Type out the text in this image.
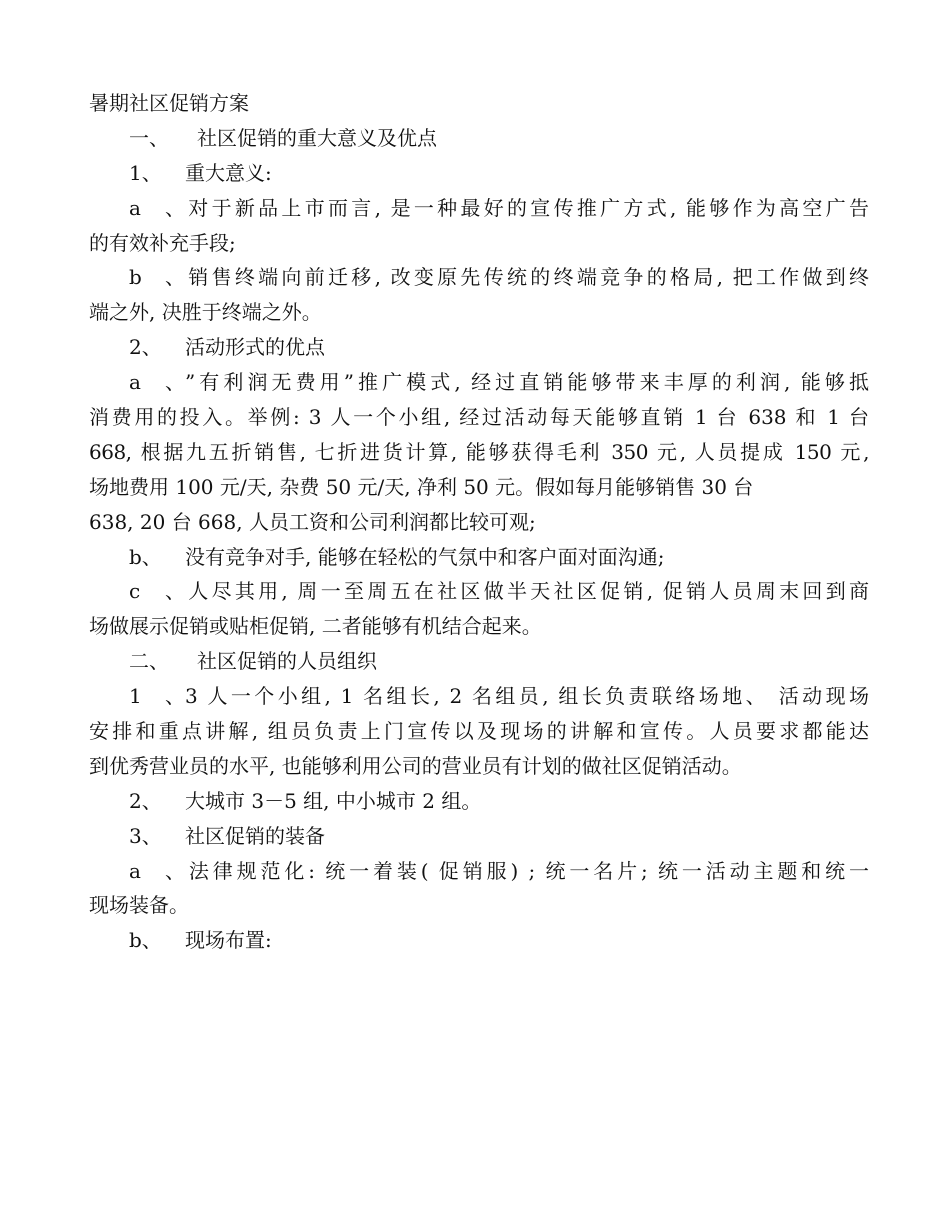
暑期社区促销方案
一、 社区促销的重大意义及优点
1、 重大意义:
a、对于新品上市而言, 是一种最好的宣传推广方式, 能够作为高空广告
的有效补充手段;
b、销售终端向前迁移, 改变原先传统的终端竞争的格局, 把工作做到终
端之外, 决胜于终端之外。
2、 活动形式的优点
a、”有利润无费用”推广模式, 经过直销能够带来丰厚的利润, 能够抵
消费用的投入。举例: 3 人一个小组, 经过活动每天能够直销 1 台 638 和 1 台
668, 根据九五折销售, 七折进货计算, 能够获得毛利 350 元, 人员提成 150 元,
场地费用 100 元/天, 杂费 50 元/天, 净利 50 元。假如每月能够销售 30 台
638, 20 台 668, 人员工资和公司利润都比较可观;
b、 没有竞争对手, 能够在轻松的气氛中和客户面对面沟通;
c、人尽其用, 周一至周五在社区做半天社区促销, 促销人员周末回到商
场做展示促销或贴柜促销, 二者能够有机结合起来。
二、 社区促销的人员组织
1、3 人一个小组, 1 名组长, 2 名组员, 组长负责联络场地、 活动现场
安排和重点讲解, 组员负责上门宣传以及现场的讲解和宣传。人员要求都能达
到优秀营业员的水平, 也能够利用公司的营业员有计划的做社区促销活动。
2、 大城市 3－5 组, 中小城市 2 组。
3、 社区促销的装备
a、法律规范化: 统一着装( 促销服) ; 统一名片; 统一活动主题和统一
现场装备。
b、 现场布置:
